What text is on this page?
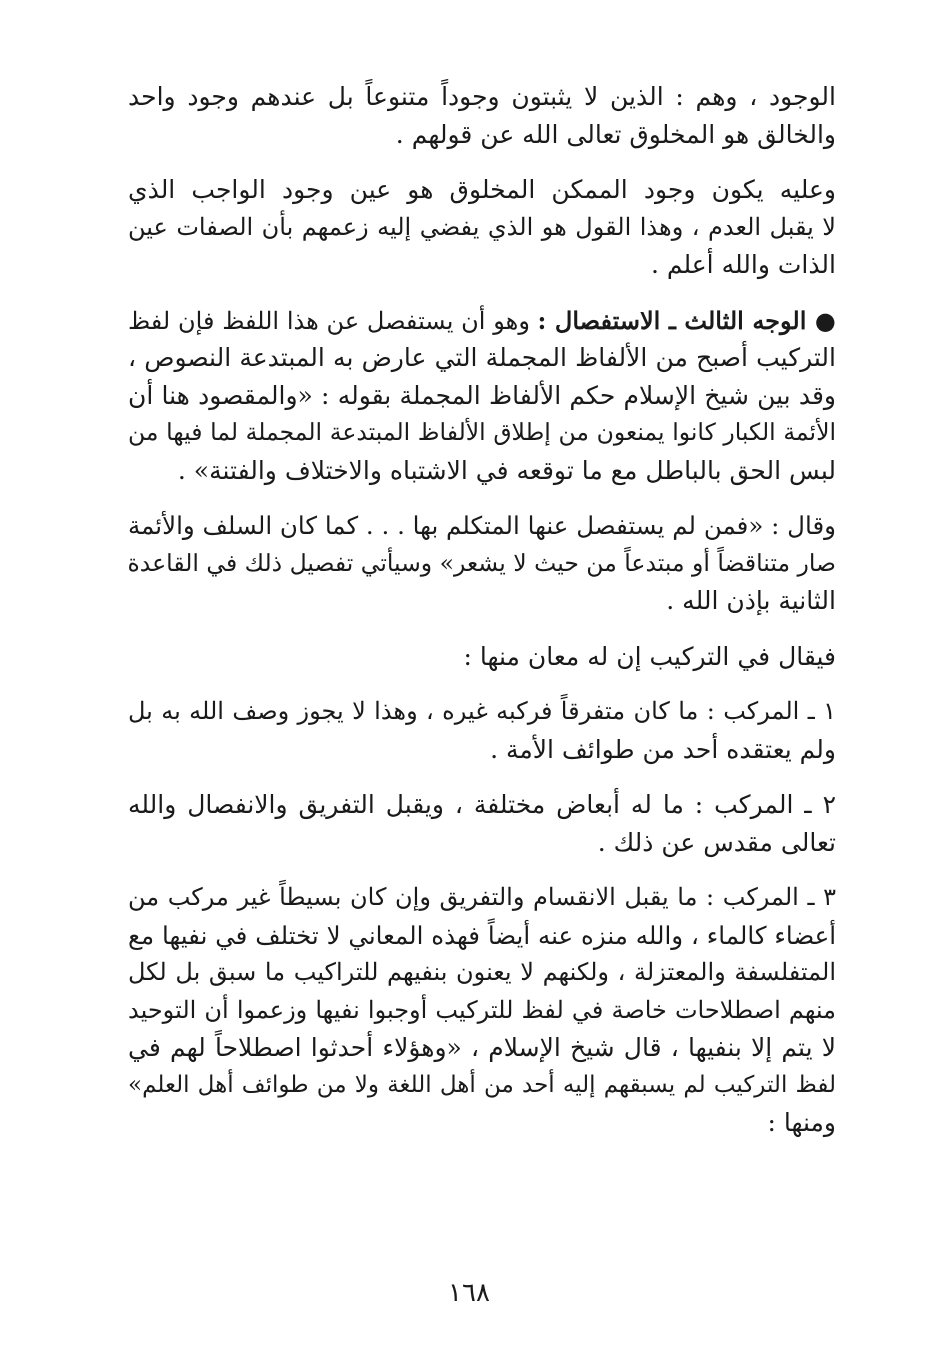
الوجود ، وهم : الذين لا يثبتون وجوداً متنوعاً بل عندهم وجود واحد
والخالق هو المخلوق تعالى الله عن قولهم .
وعليه يكون وجود الممكن المخلوق هو عين وجود الواجب الذي
لا يقبل العدم ، وهذا القول هو الذي يفضي إليه زعمهم بأن الصفات عين
الذات والله أعلم .
● الوجه الثالث ـ الاستفصال : وهو أن يستفصل عن هذا اللفظ فإن لفظ
التركيب أصبح من الألفاظ المجملة التي عارض به المبتدعة النصوص ،
وقد بين شيخ الإسلام حكم الألفاظ المجملة بقوله : «والمقصود هنا أن
الأئمة الكبار كانوا يمنعون من إطلاق الألفاظ المبتدعة المجملة لما فيها من
لبس الحق بالباطل مع ما توقعه في الاشتباه والاختلاف والفتنة» .
وقال : «فمن لم يستفصل عنها المتكلم بها . . . كما كان السلف والأئمة
صار متناقضاً أو مبتدعاً من حيث لا يشعر» وسيأتي تفصيل ذلك في القاعدة
الثانية بإذن الله .
فيقال في التركيب إن له معان منها :
١ ـ المركب : ما كان متفرقاً فركبه غيره ، وهذا لا يجوز وصف الله به بل
ولم يعتقده أحد من طوائف الأمة .
٢ ـ المركب : ما له أبعاض مختلفة ، ويقبل التفريق والانفصال والله
تعالى مقدس عن ذلك .
٣ ـ المركب : ما يقبل الانقسام والتفريق وإن كان بسيطاً غير مركب من
أعضاء كالماء ، والله منزه عنه أيضاً فهذه المعاني لا تختلف في نفيها مع
المتفلسفة والمعتزلة ، ولكنهم لا يعنون بنفيهم للتراكيب ما سبق بل لكل
منهم اصطلاحات خاصة في لفظ للتركيب أوجبوا نفيها وزعموا أن التوحيد
لا يتم إلا بنفيها ، قال شيخ الإسلام ، «وهؤلاء أحدثوا اصطلاحاً لهم في
لفظ التركيب لم يسبقهم إليه أحد من أهل اللغة ولا من طوائف أهل العلم»
ومنها :
١٦٨
